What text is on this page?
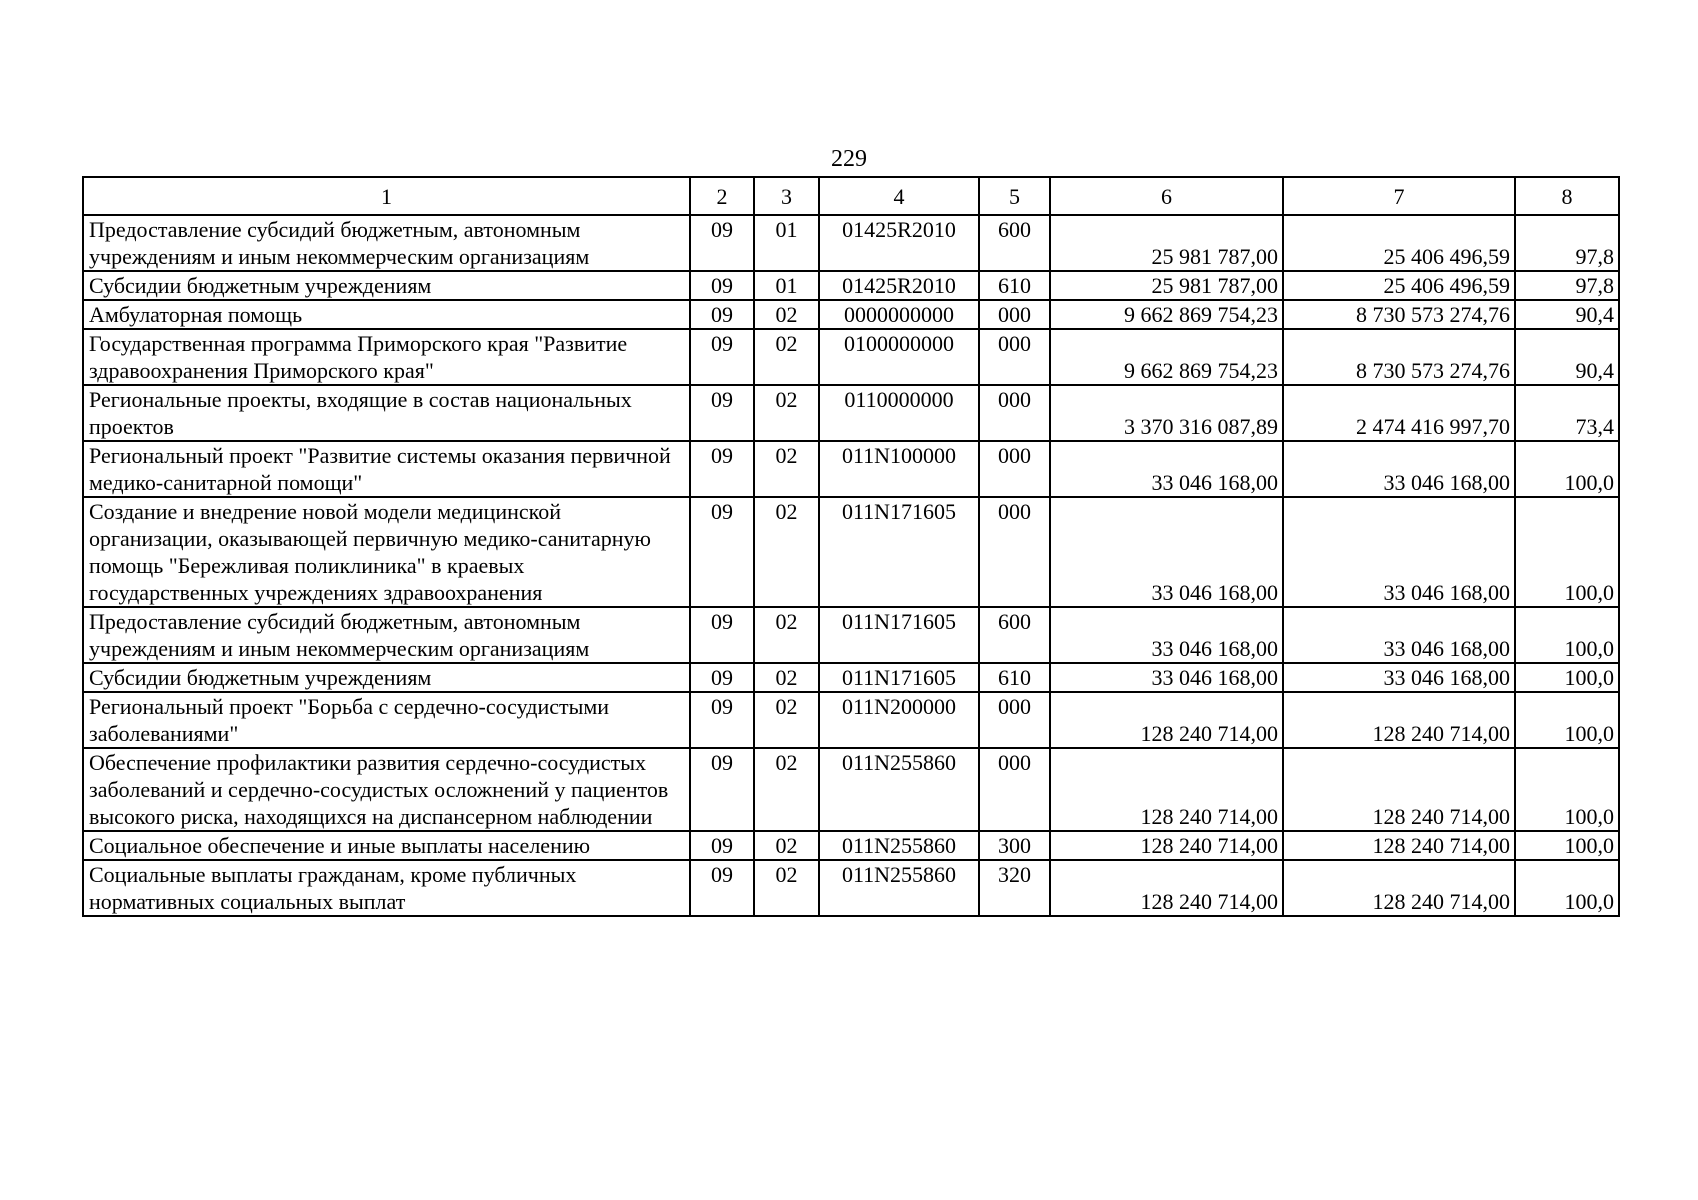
229
1	2	3	4	5	6	7	8
Предоставление субсидий бюджетным, автономным учреждениям и иным некоммерческим организациям	09	01	01425R2010	600	25 981 787,00	25 406 496,59	97,8
Субсидии бюджетным учреждениям	09	01	01425R2010	610	25 981 787,00	25 406 496,59	97,8
Амбулаторная помощь	09	02	0000000000	000	9 662 869 754,23	8 730 573 274,76	90,4
Государственная программа Приморского края "Развитие здравоохранения Приморского края"	09	02	0100000000	000	9 662 869 754,23	8 730 573 274,76	90,4
Региональные проекты, входящие в состав национальных проектов	09	02	0110000000	000	3 370 316 087,89	2 474 416 997,70	73,4
Региональный проект "Развитие системы оказания первичной медико-санитарной помощи"	09	02	011N100000	000	33 046 168,00	33 046 168,00	100,0
Создание и внедрение новой модели медицинской организации, оказывающей первичную медико-санитарную помощь "Бережливая поликлиника" в краевых государственных учреждениях здравоохранения	09	02	011N171605	000	33 046 168,00	33 046 168,00	100,0
Предоставление субсидий бюджетным, автономным учреждениям и иным некоммерческим организациям	09	02	011N171605	600	33 046 168,00	33 046 168,00	100,0
Субсидии бюджетным учреждениям	09	02	011N171605	610	33 046 168,00	33 046 168,00	100,0
Региональный проект "Борьба с сердечно-сосудистыми заболеваниями"	09	02	011N200000	000	128 240 714,00	128 240 714,00	100,0
Обеспечение профилактики развития сердечно-сосудистых заболеваний и сердечно-сосудистых осложнений у пациентов высокого риска, находящихся на диспансерном наблюдении	09	02	011N255860	000	128 240 714,00	128 240 714,00	100,0
Социальное обеспечение и иные выплаты населению	09	02	011N255860	300	128 240 714,00	128 240 714,00	100,0
Социальные выплаты гражданам, кроме публичных нормативных социальных выплат	09	02	011N255860	320	128 240 714,00	128 240 714,00	100,0
